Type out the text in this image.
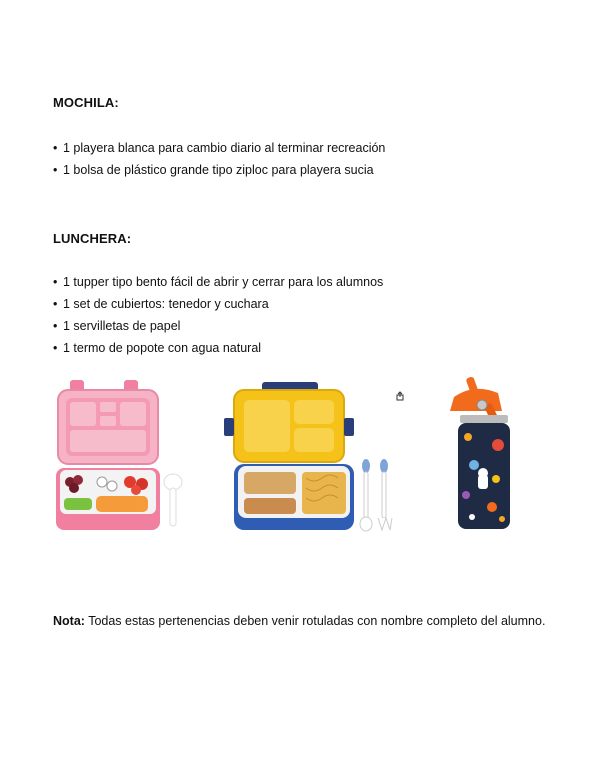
MOCHILA:
• 1 playera blanca para cambio diario al terminar recreación
• 1 bolsa de plástico grande tipo ziploc para playera sucia
LUNCHERA:
• 1 tupper tipo bento fácil de abrir y cerrar para los alumnos
• 1 set de cubiertos: tenedor y cuchara
• 1 servilletas de papel
• 1 termo de popote con agua natural
Nota: Todas estas pertenencias deben venir rotuladas con nombre completo del alumno.
